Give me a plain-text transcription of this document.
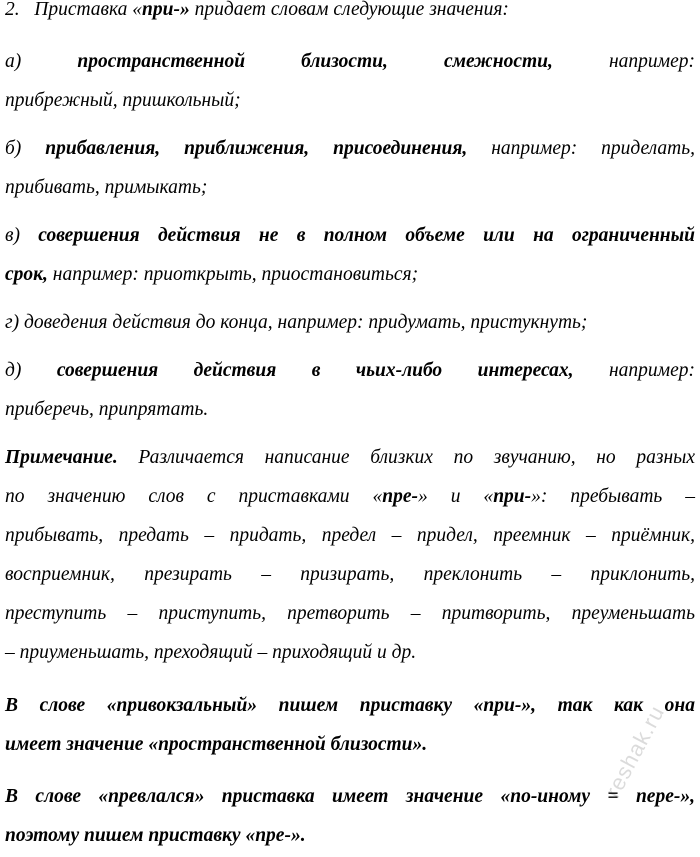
2. Приставка «при-» придает словам следующие значения:
а)	пространственной близости, смежности,	например:
прибрежный, пришкольный;
б) прибавления, приближения, присоединения, например: приделать,
прибивать, примыкать;
в) совершения действия не в полном объеме или на ограниченный
срок, например: приоткрыть, приостановиться;
г) доведения действия до конца, например: придумать, пристукнуть;
д) совершения действия в чьих-либо интересах, например:
приберечь, припрятать.
Примечание. Различается написание близких по звучанию, но разных
по значению слов с приставками «пре-» и «при-»: пребывать –
прибывать, предать – придать, предел – придел, преемник – приёмник,
восприемник, презирать – призирать, преклонить – приклонить,
преступить – приступить, претворить – притворить, преуменьшать
– приуменьшать, преходящий – приходящий и др.
В слове «привокзальный» пишем приставку «при-», так как она
имеет значение «пространственной близости».
В слове «превлался» приставка имеет значение «по-иному = пере-»,
поэтому пишем приставку «пре-».
reshak.ru
